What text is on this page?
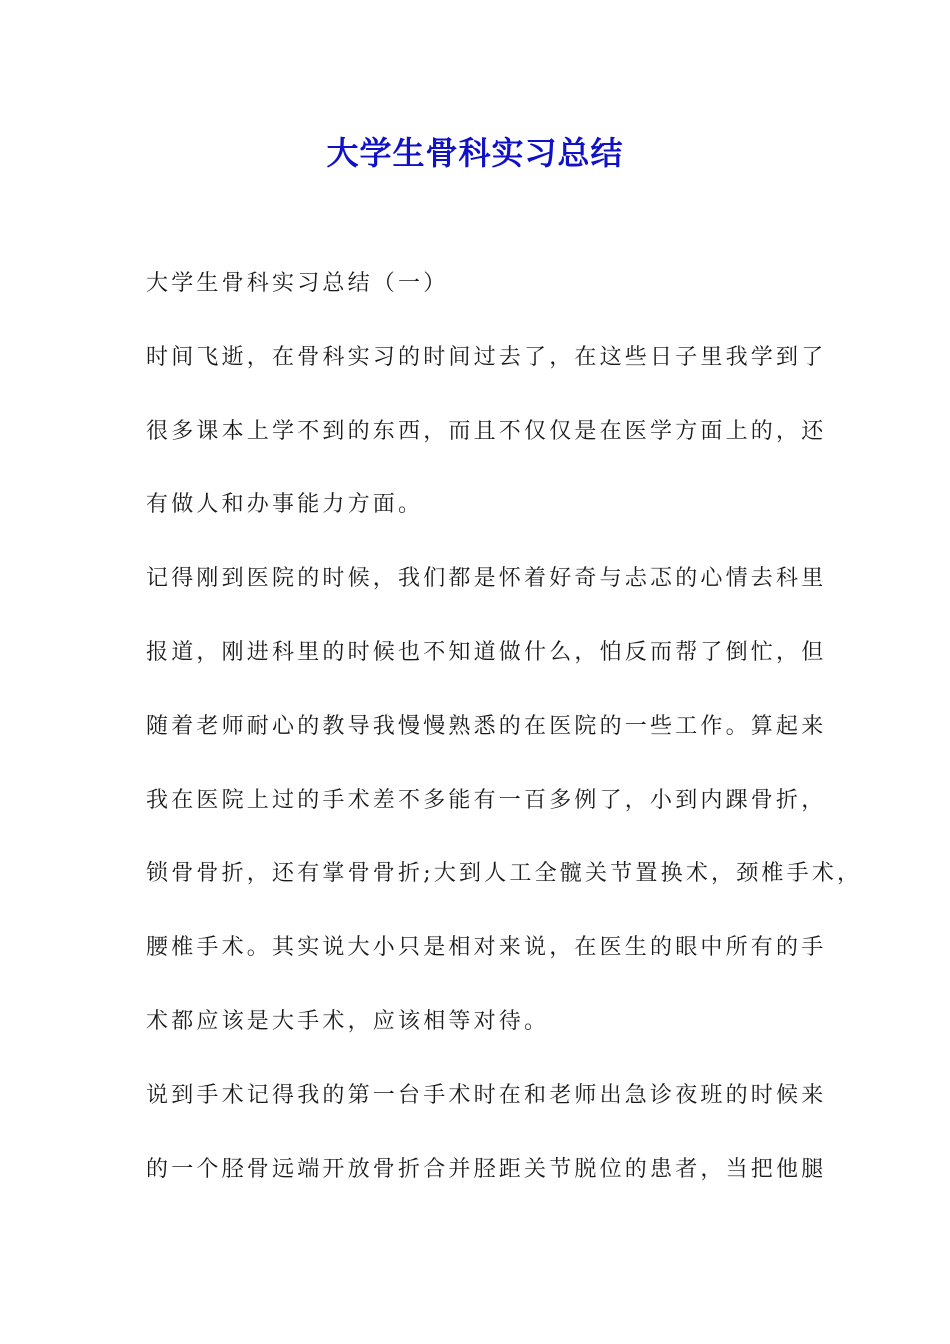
大学生骨科实习总结
大学生骨科实习总结（一）
时间飞逝，在骨科实习的时间过去了，在这些日子里我学到了
很多课本上学不到的东西，而且不仅仅是在医学方面上的，还
有做人和办事能力方面。
记得刚到医院的时候，我们都是怀着好奇与忐忑的心情去科里
报道，刚进科里的时候也不知道做什么，怕反而帮了倒忙，但
随着老师耐心的教导我慢慢熟悉的在医院的一些工作。算起来
我在医院上过的手术差不多能有一百多例了，小到内踝骨折，
锁骨骨折，还有掌骨骨折;大到人工全髋关节置换术，颈椎手术，
腰椎手术。其实说大小只是相对来说，在医生的眼中所有的手
术都应该是大手术，应该相等对待。
说到手术记得我的第一台手术时在和老师出急诊夜班的时候来
的一个胫骨远端开放骨折合并胫距关节脱位的患者，当把他腿
